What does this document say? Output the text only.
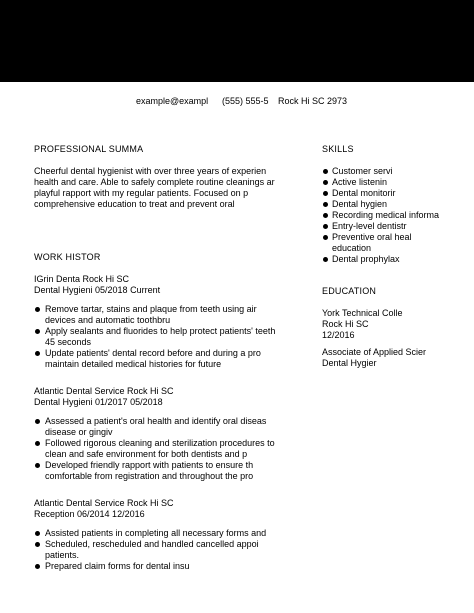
example@exampl	(555) 555-5	Rock Hi SC 2973
PROFESSIONAL SUMMA
Cheerful dental hygienist with over three years of experien
health and care. Able to safely complete routine cleanings ar
playful rapport with my regular patients. Focused on p
comprehensive education to treat and prevent oral
WORK HISTOR
IGrin Denta Rock Hi SC
Dental Hygieni 05/2018 Current
Remove tartar, stains and plaque from teeth using air
devices and automatic toothbru
Apply sealants and fluorides to help protect patients' teeth
45 seconds
Update patients' dental record before and during a pro
maintain detailed medical histories for future
Atlantic Dental Service Rock Hi SC
Dental Hygieni 01/2017 05/2018
Assessed a patient's oral health and identify oral diseas
disease or gingiv
Followed rigorous cleaning and sterilization procedures to
clean and safe environment for both dentists and p
Developed friendly rapport with patients to ensure th
comfortable from registration and throughout the pro
Atlantic Dental Service Rock Hi SC
Reception 06/2014 12/2016
Assisted patients in completing all necessary forms and
Scheduled, rescheduled and handled cancelled appoi
patients.
Prepared claim forms for dental insu
SKILLS
Customer servi
Active listenin
Dental monitorir
Dental hygien
Recording medical informa
Entry-level dentistr
Preventive oral heal
education
Dental prophylax
EDUCATION
York Technical Colle
Rock Hi SC
12/2016
Associate of Applied Scier
Dental Hygier
